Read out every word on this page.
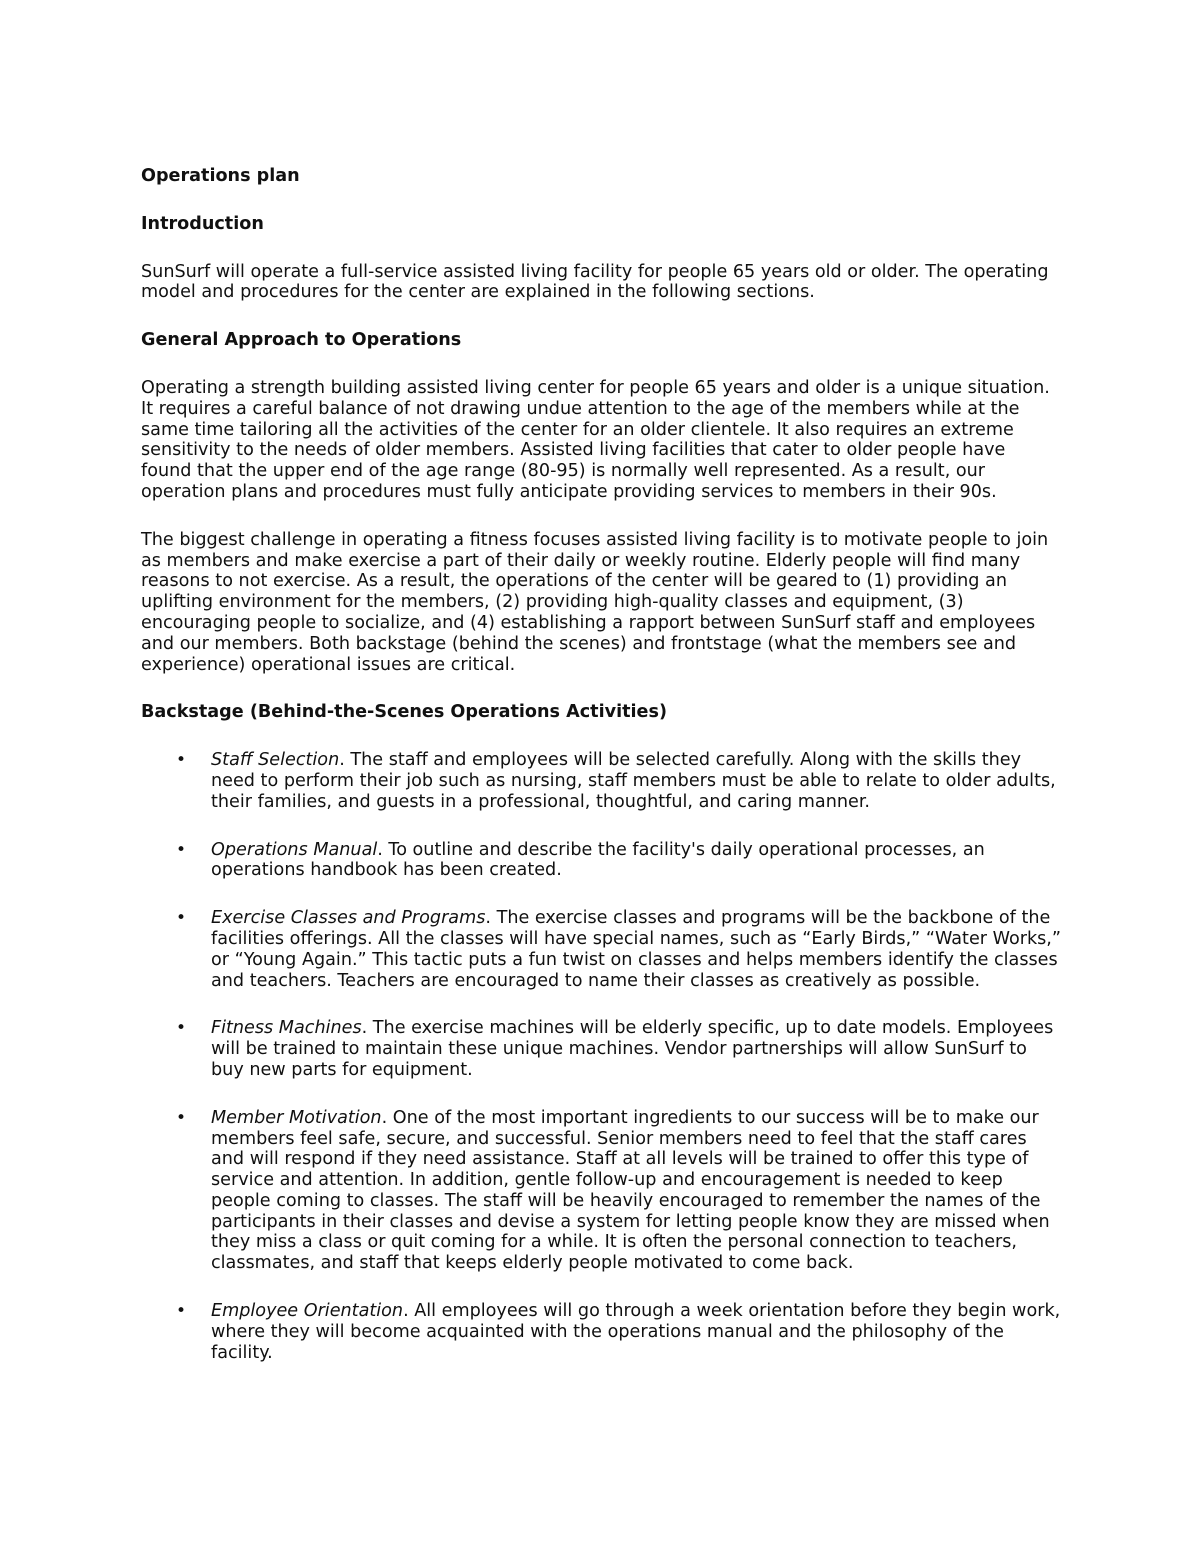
Operations plan

Introduction

SunSurf will operate a full-service assisted living facility for people 65 years old or older. The operating model and procedures for the center are explained in the following sections.

General Approach to Operations

Operating a strength building assisted living center for people 65 years and older is a unique situation. It requires a careful balance of not drawing undue attention to the age of the members while at the same time tailoring all the activities of the center for an older clientele. It also requires an extreme sensitivity to the needs of older members. Assisted living facilities that cater to older people have found that the upper end of the age range (80-95) is normally well represented. As a result, our operation plans and procedures must fully anticipate providing services to members in their 90s.

The biggest challenge in operating a fitness focuses assisted living facility is to motivate people to join as members and make exercise a part of their daily or weekly routine. Elderly people will find many reasons to not exercise. As a result, the operations of the center will be geared to (1) providing an uplifting environment for the members, (2) providing high-quality classes and equipment, (3) encouraging people to socialize, and (4) establishing a rapport between SunSurf staff and employees and our members. Both backstage (behind the scenes) and frontstage (what the members see and experience) operational issues are critical.

Backstage (Behind-the-Scenes Operations Activities)

• Staff Selection. The staff and employees will be selected carefully. Along with the skills they need to perform their job such as nursing, staff members must be able to relate to older adults, their families, and guests in a professional, thoughtful, and caring manner.
• Operations Manual. To outline and describe the facility's daily operational processes, an operations handbook has been created.
• Exercise Classes and Programs. The exercise classes and programs will be the backbone of the facilities offerings. All the classes will have special names, such as “Early Birds,” “Water Works,” or “Young Again.” This tactic puts a fun twist on classes and helps members identify the classes and teachers. Teachers are encouraged to name their classes as creatively as possible.
• Fitness Machines. The exercise machines will be elderly specific, up to date models. Employees will be trained to maintain these unique machines. Vendor partnerships will allow SunSurf to buy new parts for equipment.
• Member Motivation. One of the most important ingredients to our success will be to make our members feel safe, secure, and successful. Senior members need to feel that the staff cares and will respond if they need assistance. Staff at all levels will be trained to offer this type of service and attention. In addition, gentle follow-up and encouragement is needed to keep people coming to classes. The staff will be heavily encouraged to remember the names of the participants in their classes and devise a system for letting people know they are missed when they miss a class or quit coming for a while. It is often the personal connection to teachers, classmates, and staff that keeps elderly people motivated to come back.
• Employee Orientation. All employees will go through a week orientation before they begin work, where they will become acquainted with the operations manual and the philosophy of the facility.
